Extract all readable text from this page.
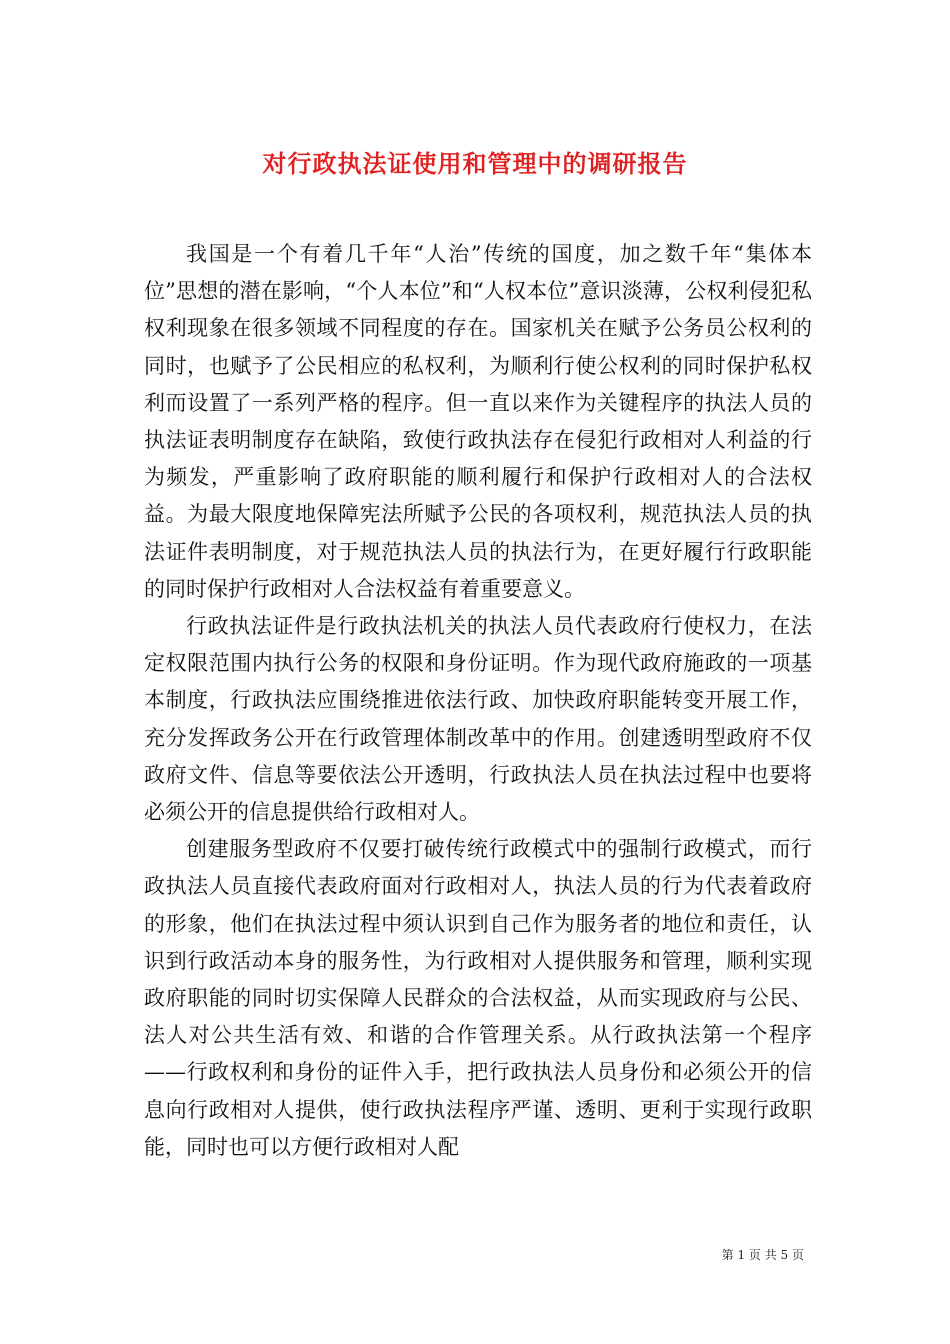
对行政执法证使用和管理中的调研报告

我国是一个有着几千年“人治”传统的国度，加之数千年“集体本位”思想的潜在影响，“个人本位”和“人权本位”意识淡薄，公权利侵犯私权利现象在很多领域不同程度的存在。国家机关在赋予公务员公权利的同时，也赋予了公民相应的私权利，为顺利行使公权利的同时保护私权利而设置了一系列严格的程序。但一直以来作为关键程序的执法人员的执法证表明制度存在缺陷，致使行政执法存在侵犯行政相对人利益的行为频发，严重影响了政府职能的顺利履行和保护行政相对人的合法权益。为最大限度地保障宪法所赋予公民的各项权利，规范执法人员的执法证件表明制度，对于规范执法人员的执法行为，在更好履行行政职能的同时保护行政相对人合法权益有着重要意义。

行政执法证件是行政执法机关的执法人员代表政府行使权力，在法定权限范围内执行公务的权限和身份证明。作为现代政府施政的一项基本制度，行政执法应围绕推进依法行政、加快政府职能转变开展工作，充分发挥政务公开在行政管理体制改革中的作用。创建透明型政府不仅政府文件、信息等要依法公开透明，行政执法人员在执法过程中也要将必须公开的信息提供给行政相对人。

创建服务型政府不仅要打破传统行政模式中的强制行政模式，而行政执法人员直接代表政府面对行政相对人，执法人员的行为代表着政府的形象，他们在执法过程中须认识到自己作为服务者的地位和责任，认识到行政活动本身的服务性，为行政相对人提供服务和管理，顺利实现政府职能的同时切实保障人民群众的合法权益，从而实现政府与公民、法人对公共生活有效、和谐的合作管理关系。从行政执法第一个程序——行政权利和身份的证件入手，把行政执法人员身份和必须公开的信息向行政相对人提供，使行政执法程序严谨、透明、更利于实现行政职能，同时也可以方便行政相对人配

第 1 页 共 5 页
